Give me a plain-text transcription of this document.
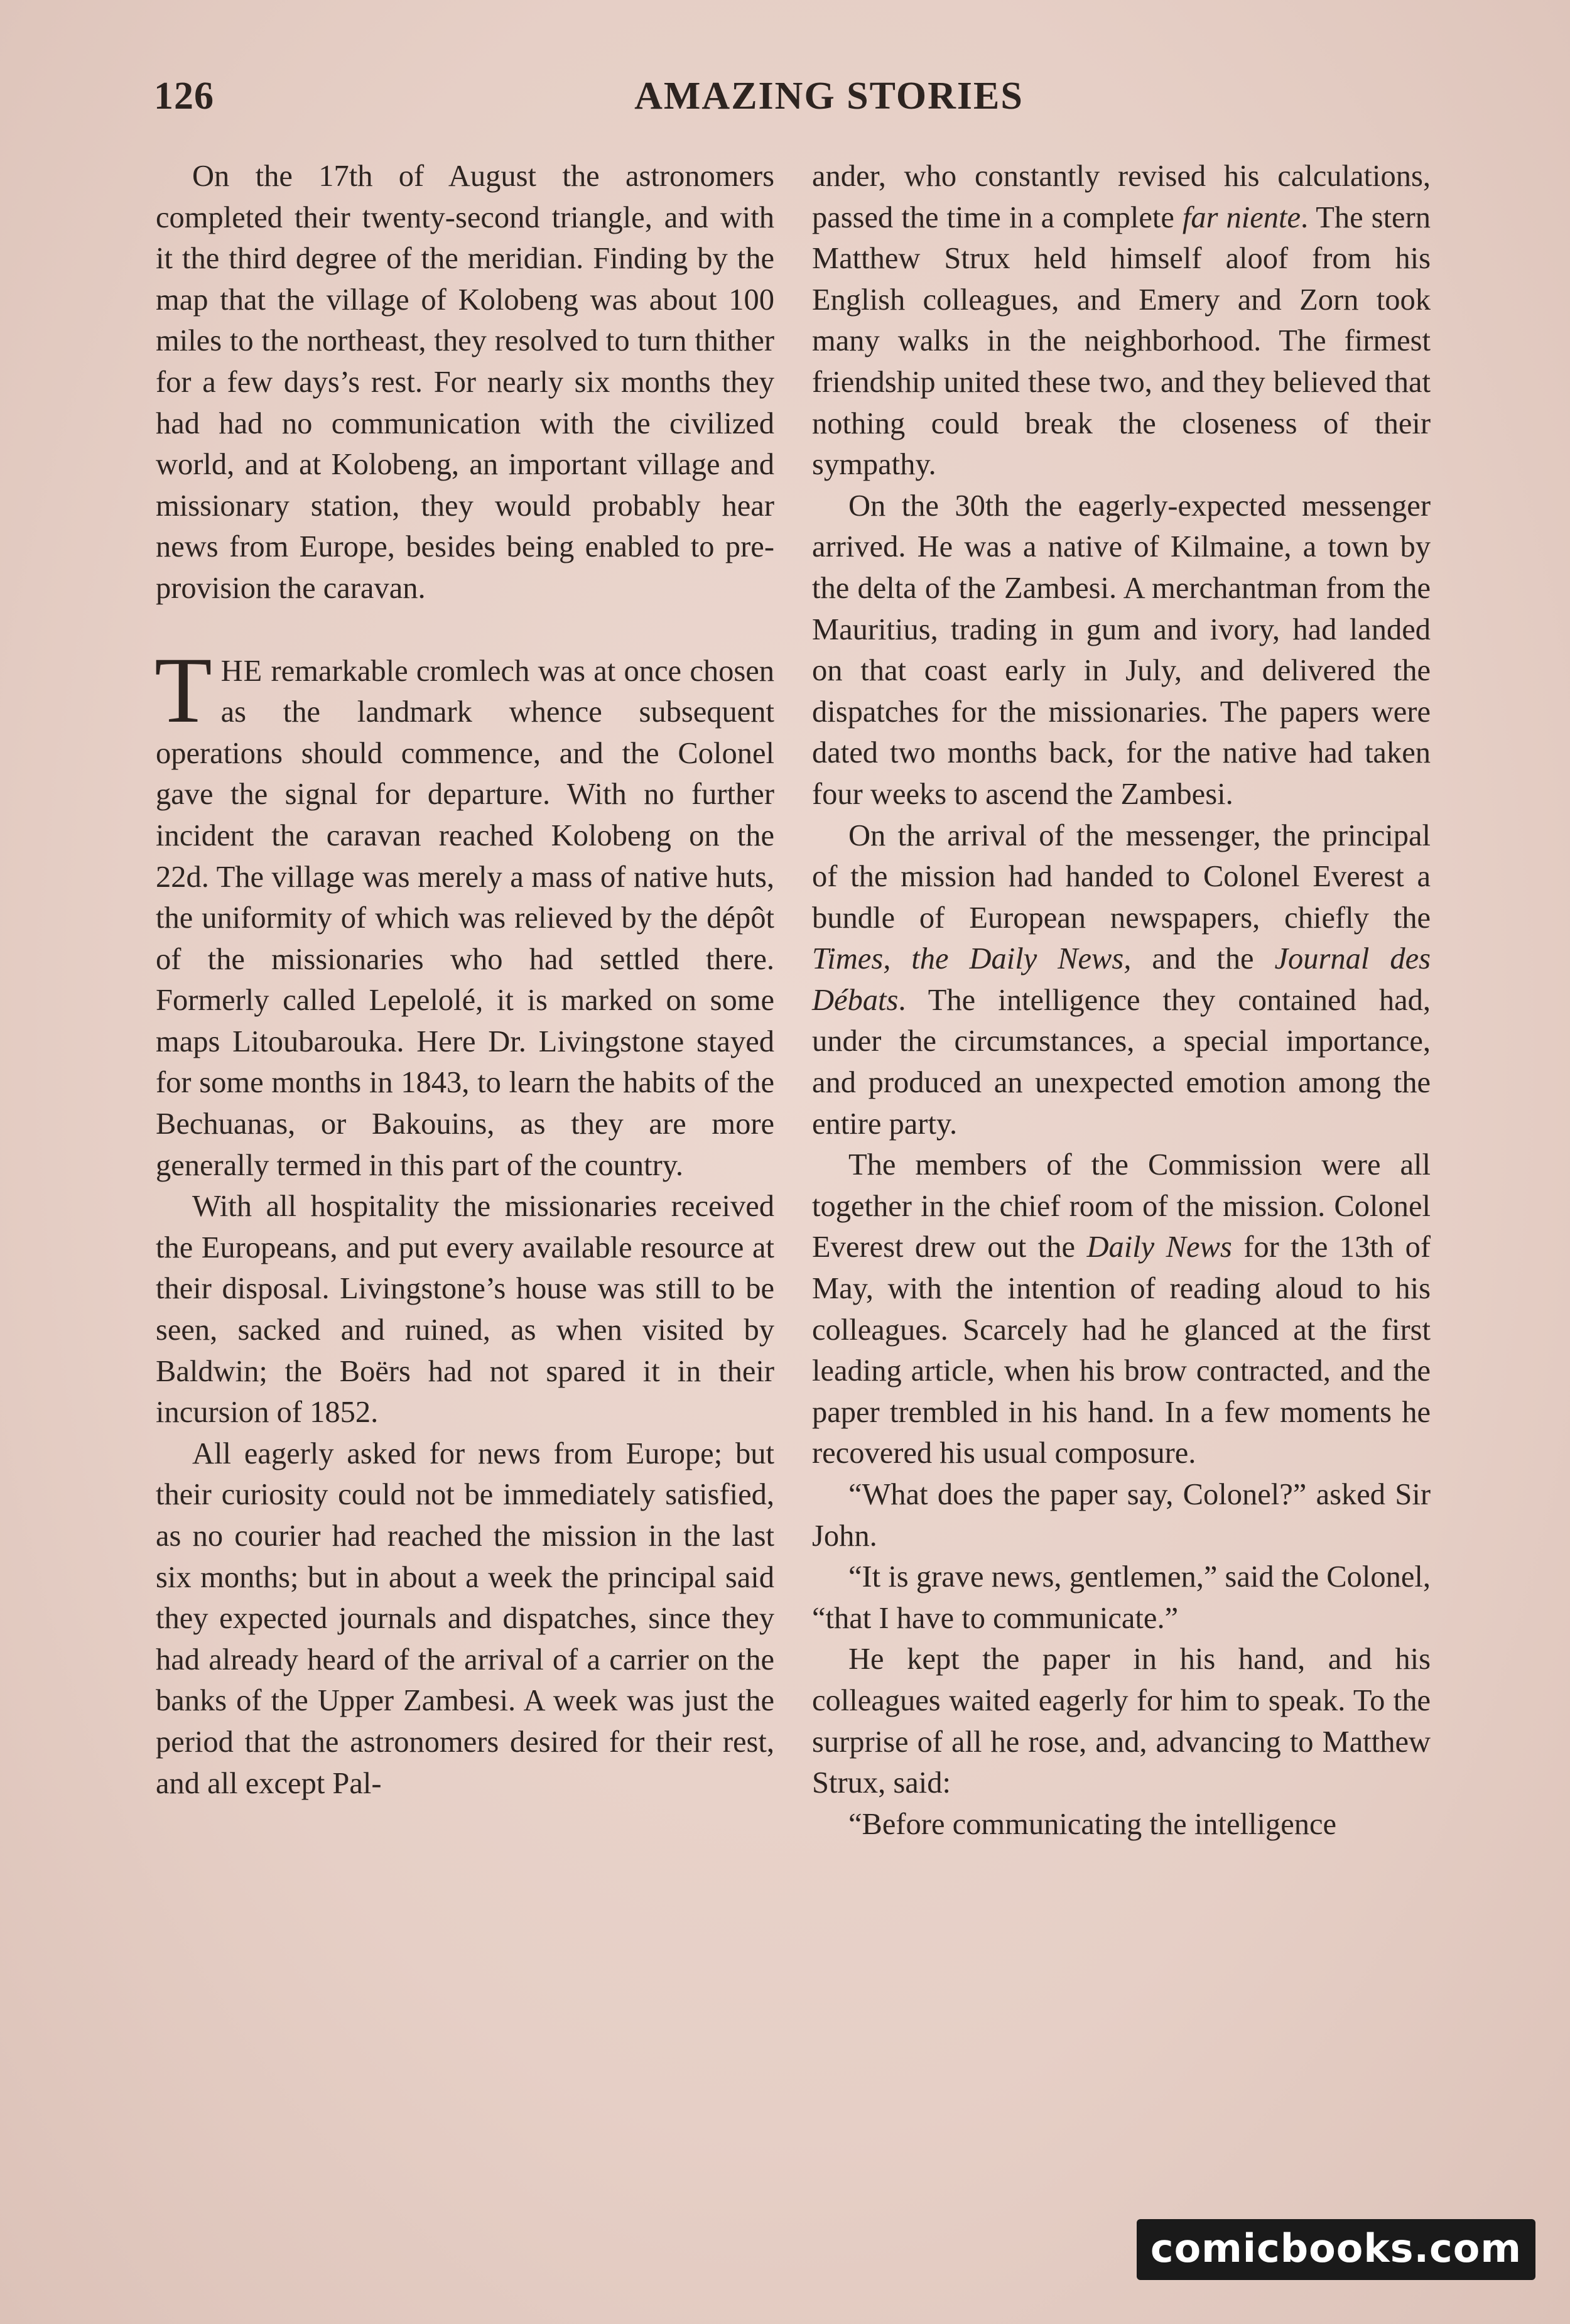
126	AMAZING STORIES

On the 17th of August the astronomers completed their twenty-second triangle, and with it the third degree of the meridian. Finding by the map that the village of Kolobeng was about 100 miles to the northeast, they resolved to turn thither for a few days’s rest. For nearly six months they had had no communication with the civilized world, and at Kolobeng, an important village and missionary station, they would probably hear news from Europe, besides being enabled to pre-provision the caravan.

THE remarkable cromlech was at once chosen as the landmark whence subsequent operations should commence, and the Colonel gave the signal for departure. With no further incident the caravan reached Kolobeng on the 22d. The village was merely a mass of native huts, the uniformity of which was relieved by the dépôt of the missionaries who had settled there. Formerly called Lepelolé, it is marked on some maps Litoubarouka. Here Dr. Livingstone stayed for some months in 1843, to learn the habits of the Bechuanas, or Bakouins, as they are more generally termed in this part of the country.

With all hospitality the missionaries received the Europeans, and put every available resource at their disposal. Livingstone’s house was still to be seen, sacked and ruined, as when visited by Baldwin; the Boërs had not spared it in their incursion of 1852.

All eagerly asked for news from Europe; but their curiosity could not be immediately satisfied, as no courier had reached the mission in the last six months; but in about a week the principal said they expected journals and dispatches, since they had already heard of the arrival of a carrier on the banks of the Upper Zambesi. A week was just the period that the astronomers desired for their rest, and all except Pal-

ander, who constantly revised his calculations, passed the time in a complete far niente. The stern Matthew Strux held himself aloof from his English colleagues, and Emery and Zorn took many walks in the neighborhood. The firmest friendship united these two, and they believed that nothing could break the closeness of their sympathy.

On the 30th the eagerly-expected messenger arrived. He was a native of Kilmaine, a town by the delta of the Zambesi. A merchantman from the Mauritius, trading in gum and ivory, had landed on that coast early in July, and delivered the dispatches for the missionaries. The papers were dated two months back, for the native had taken four weeks to ascend the Zambesi.

On the arrival of the messenger, the principal of the mission had handed to Colonel Everest a bundle of European newspapers, chiefly the Times, the Daily News, and the Journal des Débats. The intelligence they contained had, under the circumstances, a special importance, and produced an unexpected emotion among the entire party.

The members of the Commission were all together in the chief room of the mission. Colonel Everest drew out the Daily News for the 13th of May, with the intention of reading aloud to his colleagues. Scarcely had he glanced at the first leading article, when his brow contracted, and the paper trembled in his hand. In a few moments he recovered his usual composure.

“What does the paper say, Colonel?” asked Sir John.

“It is grave news, gentlemen,” said the Colonel, “that I have to communicate.”

He kept the paper in his hand, and his colleagues waited eagerly for him to speak. To the surprise of all he rose, and, advancing to Matthew Strux, said:

“Before communicating the intelligence

comicbooks.com
